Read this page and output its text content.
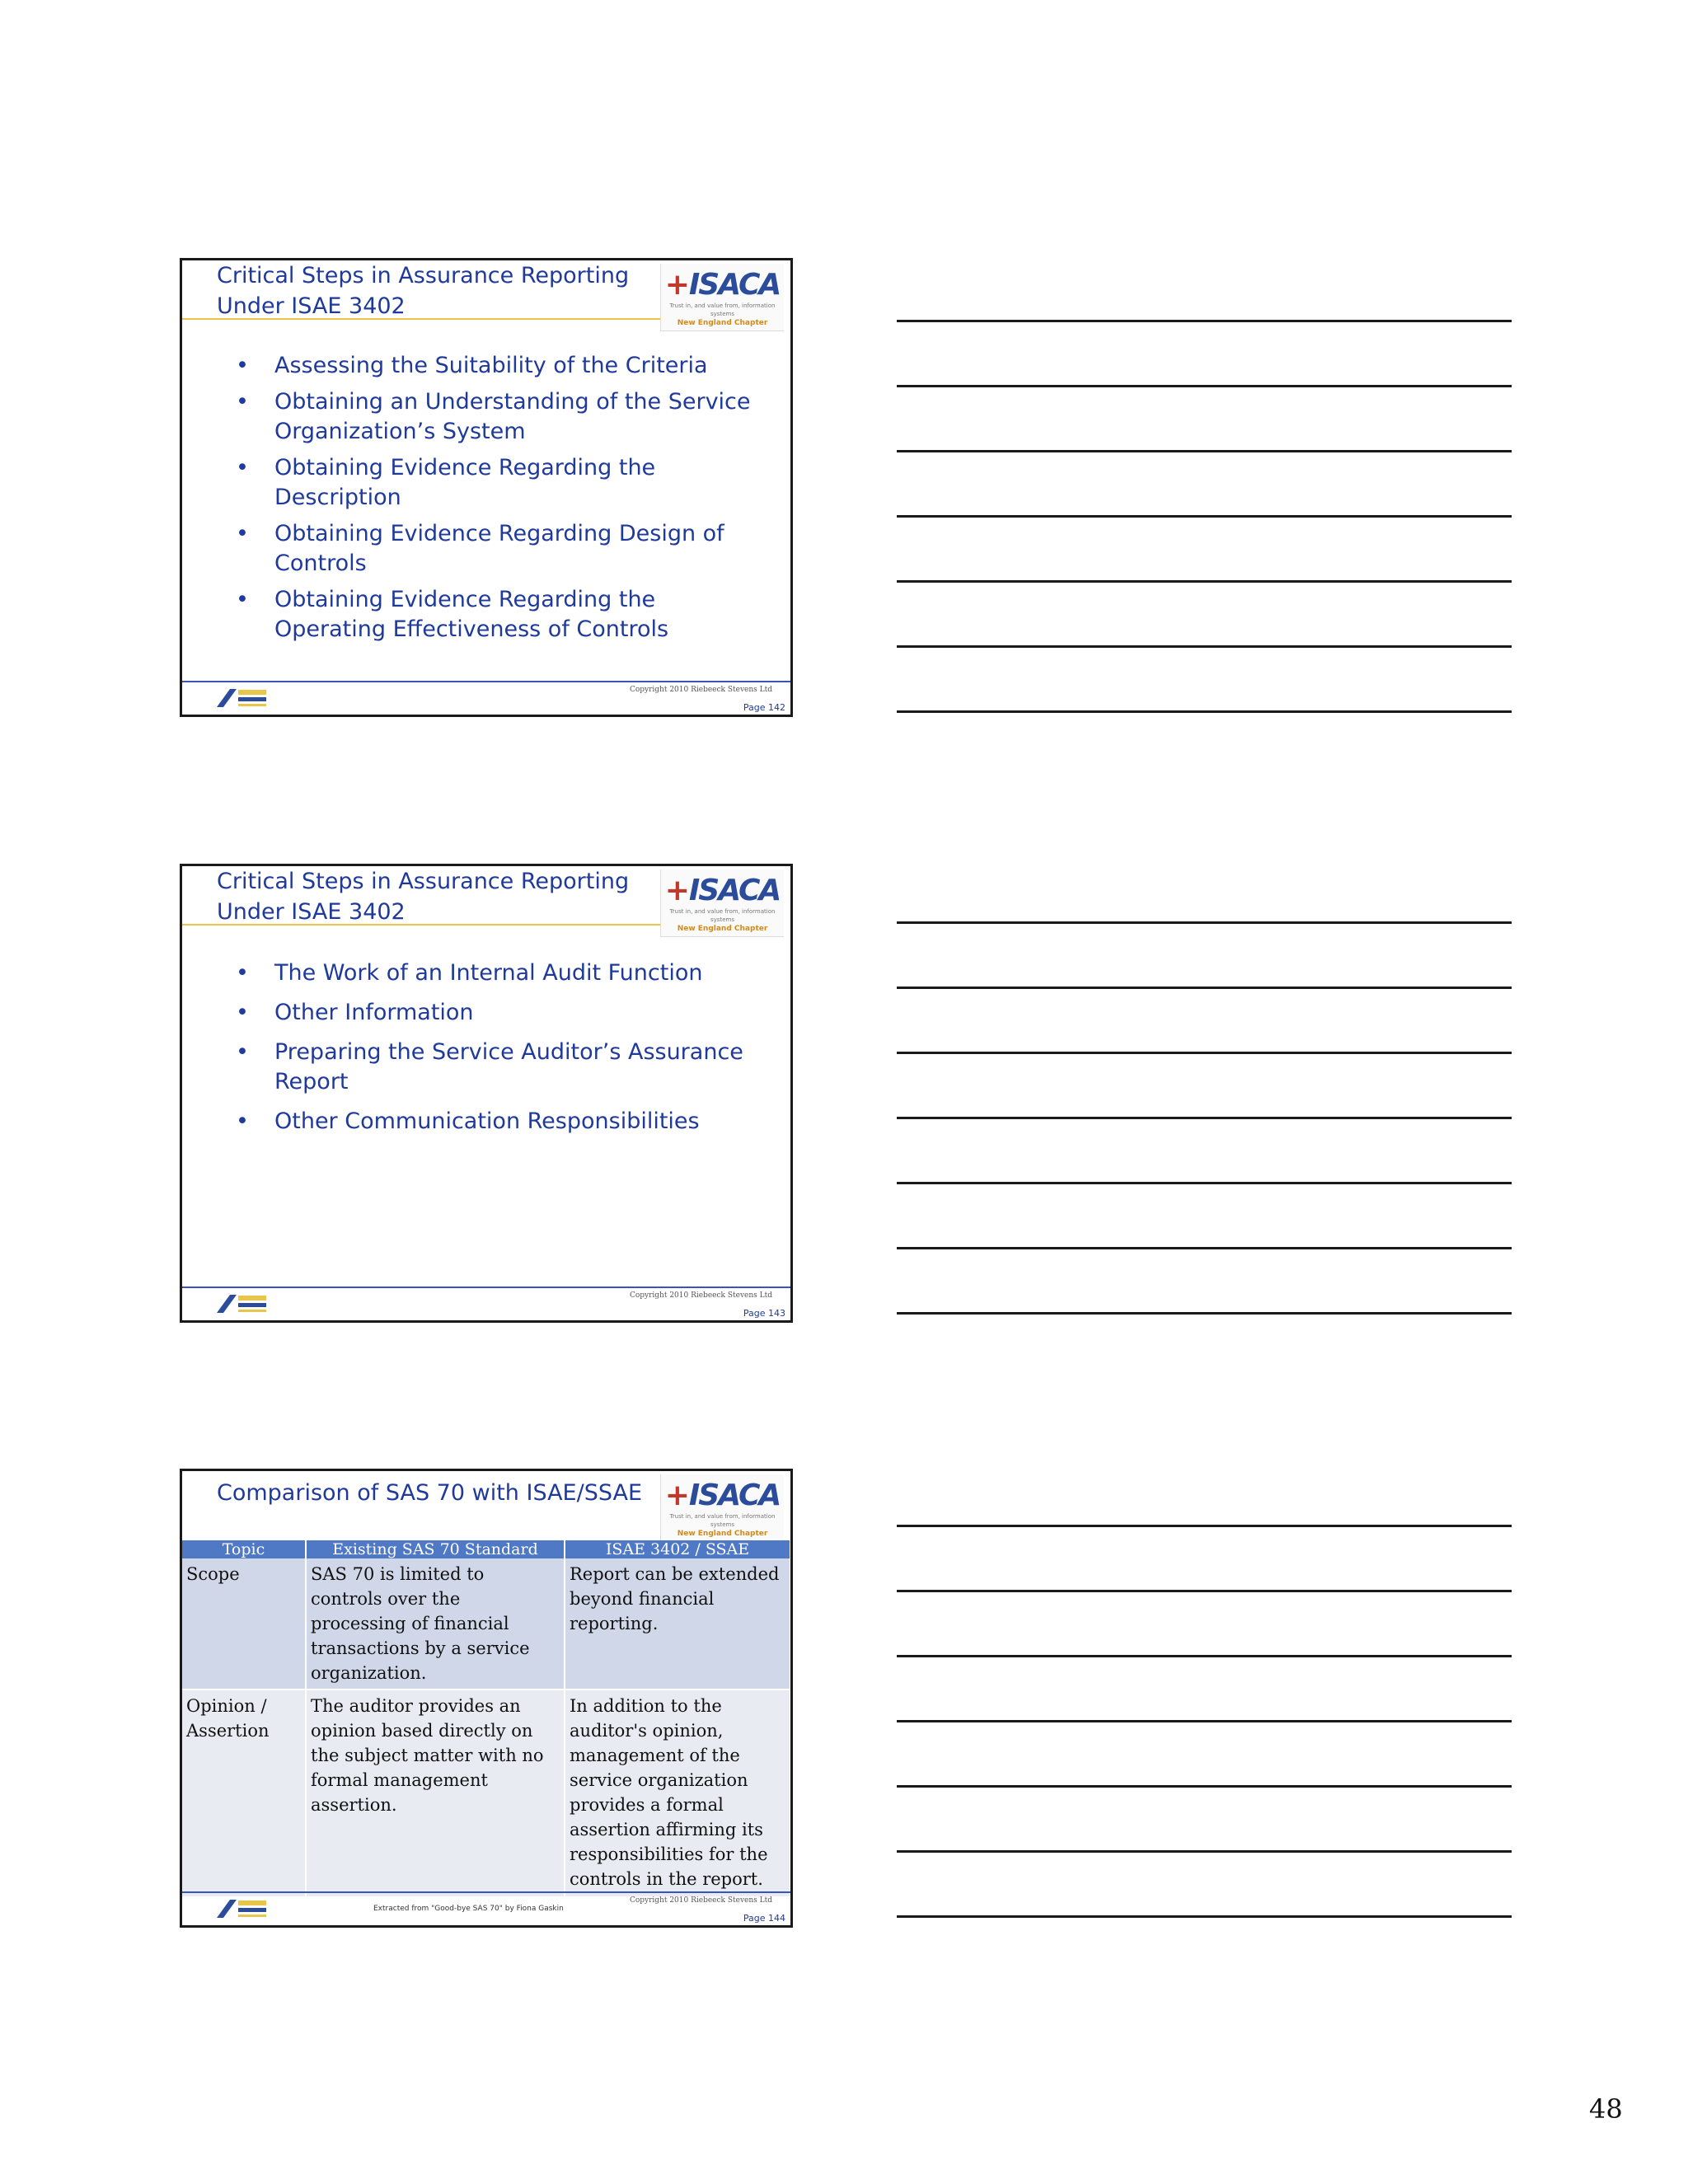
Critical Steps in Assurance Reporting
Under ISAE 3402
+ISACA
Trust in, and value from, information systems
New England Chapter
• Assessing the Suitability of the Criteria
• Obtaining an Understanding of the Service Organization’s System
• Obtaining Evidence Regarding the Description
• Obtaining Evidence Regarding Design of Controls
• Obtaining Evidence Regarding the Operating Effectiveness of Controls
Copyright 2010 Riebeeck Stevens Ltd
Page 142
Critical Steps in Assurance Reporting
Under ISAE 3402
+ISACA
Trust in, and value from, information systems
New England Chapter
• The Work of an Internal Audit Function
• Other Information
• Preparing the Service Auditor’s Assurance Report
• Other Communication Responsibilities
Copyright 2010 Riebeeck Stevens Ltd
Page 143
Comparison of SAS 70 with ISAE/SSAE +ISACA
Trust in, and value from, information systems
New England Chapter
Topic	Existing SAS 70 Standard	ISAE 3402 / SSAE
Scope	SAS 70 is limited to controls over the processing of financial transactions by a service organization.	Report can be extended beyond financial reporting.
Opinion / Assertion	The auditor provides an opinion based directly on the subject matter with no formal management assertion.	In addition to the auditor's opinion, management of the service organization provides a formal assertion affirming its responsibilities for the controls in the report.
Extracted from "Good-bye SAS 70" by Fiona Gaskin
Copyright 2010 Riebeeck Stevens Ltd
Page 144
48
